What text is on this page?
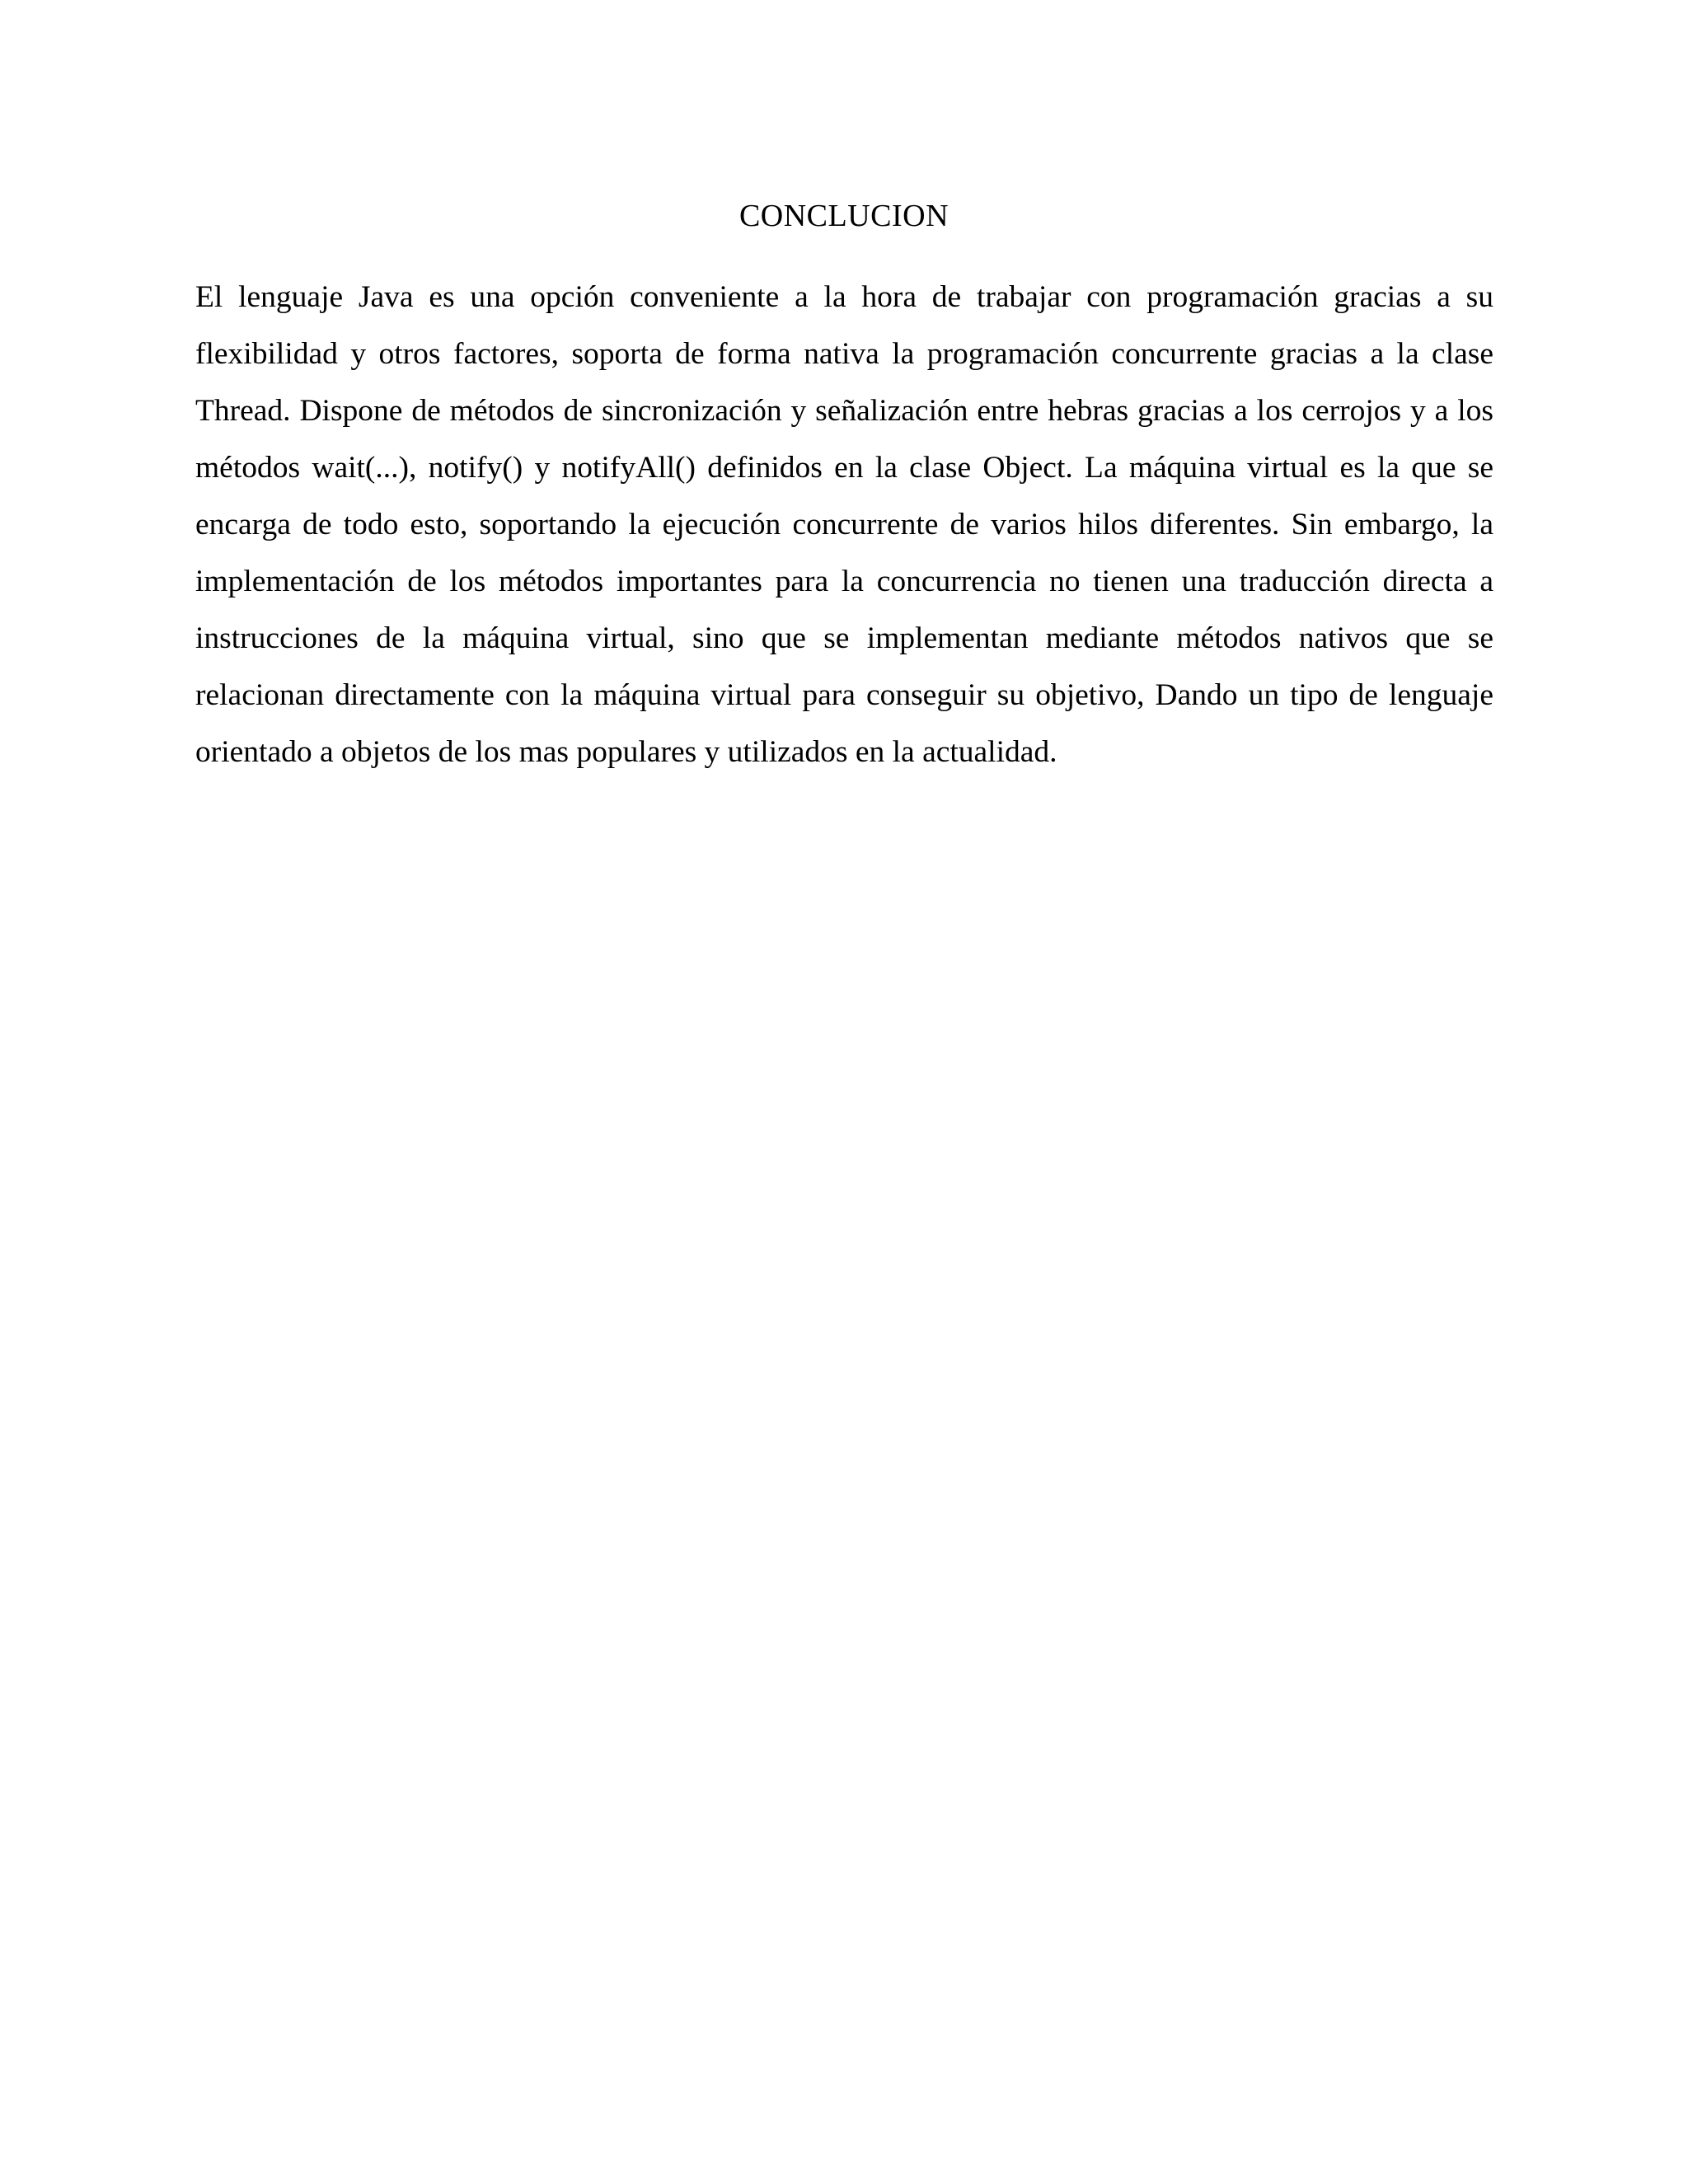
CONCLUCION

El lenguaje Java es una opción conveniente a la hora de trabajar con programación gracias a su flexibilidad y otros factores, soporta de forma nativa la programación concurrente gracias a la clase Thread. Dispone de métodos de sincronización y señalización entre hebras gracias a los cerrojos y a los métodos wait(...), notify() y notifyAll() definidos en la clase Object. La máquina virtual es la que se encarga de todo esto, soportando la ejecución concurrente de varios hilos diferentes. Sin embargo, la implementación de los métodos importantes para la concurrencia no tienen una traducción directa a instrucciones de la máquina virtual, sino que se implementan mediante métodos nativos que se relacionan directamente con la máquina virtual para conseguir su objetivo, Dando un tipo de lenguaje orientado a objetos de los mas populares y utilizados en la actualidad.
